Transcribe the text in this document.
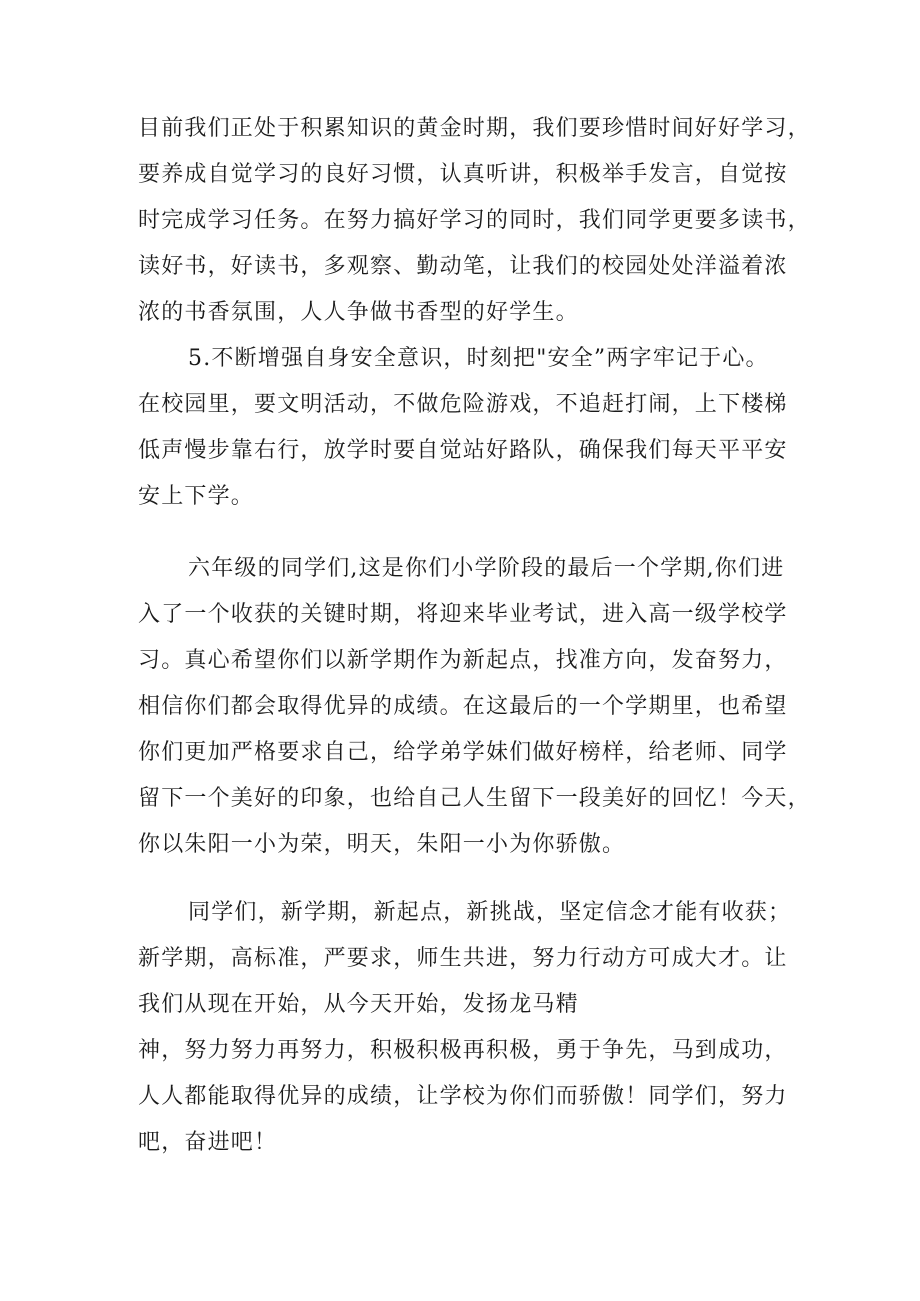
目前我们正处于积累知识的黄金时期，我们要珍惜时间好好学习，
要养成自觉学习的良好习惯，认真听讲，积极举手发言，自觉按
时完成学习任务。在努力搞好学习的同时，我们同学更要多读书，
读好书，好读书，多观察、勤动笔，让我们的校园处处洋溢着浓
浓的书香氛围，人人争做书香型的好学生。
5.不断增强自身安全意识，时刻把"安全”两字牢记于心。
在校园里，要文明活动，不做危险游戏，不追赶打闹，上下楼梯
低声慢步靠右行，放学时要自觉站好路队，确保我们每天平平安
安上下学。
六年级的同学们,这是你们小学阶段的最后一个学期,你们进
入了一个收获的关键时期，将迎来毕业考试，进入高一级学校学
习。真心希望你们以新学期作为新起点，找准方向，发奋努力，
相信你们都会取得优异的成绩。在这最后的一个学期里，也希望
你们更加严格要求自己，给学弟学妹们做好榜样，给老师、同学
留下一个美好的印象，也给自己人生留下一段美好的回忆！今天，
你以朱阳一小为荣，明天，朱阳一小为你骄傲。
同学们，新学期，新起点，新挑战，坚定信念才能有收获；
新学期，高标准，严要求，师生共进，努力行动方可成大才。让
我们从现在开始，从今天开始，发扬龙马精
神，努力努力再努力，积极积极再积极，勇于争先，马到成功，
人人都能取得优异的成绩，让学校为你们而骄傲！同学们，努力
吧，奋进吧！
